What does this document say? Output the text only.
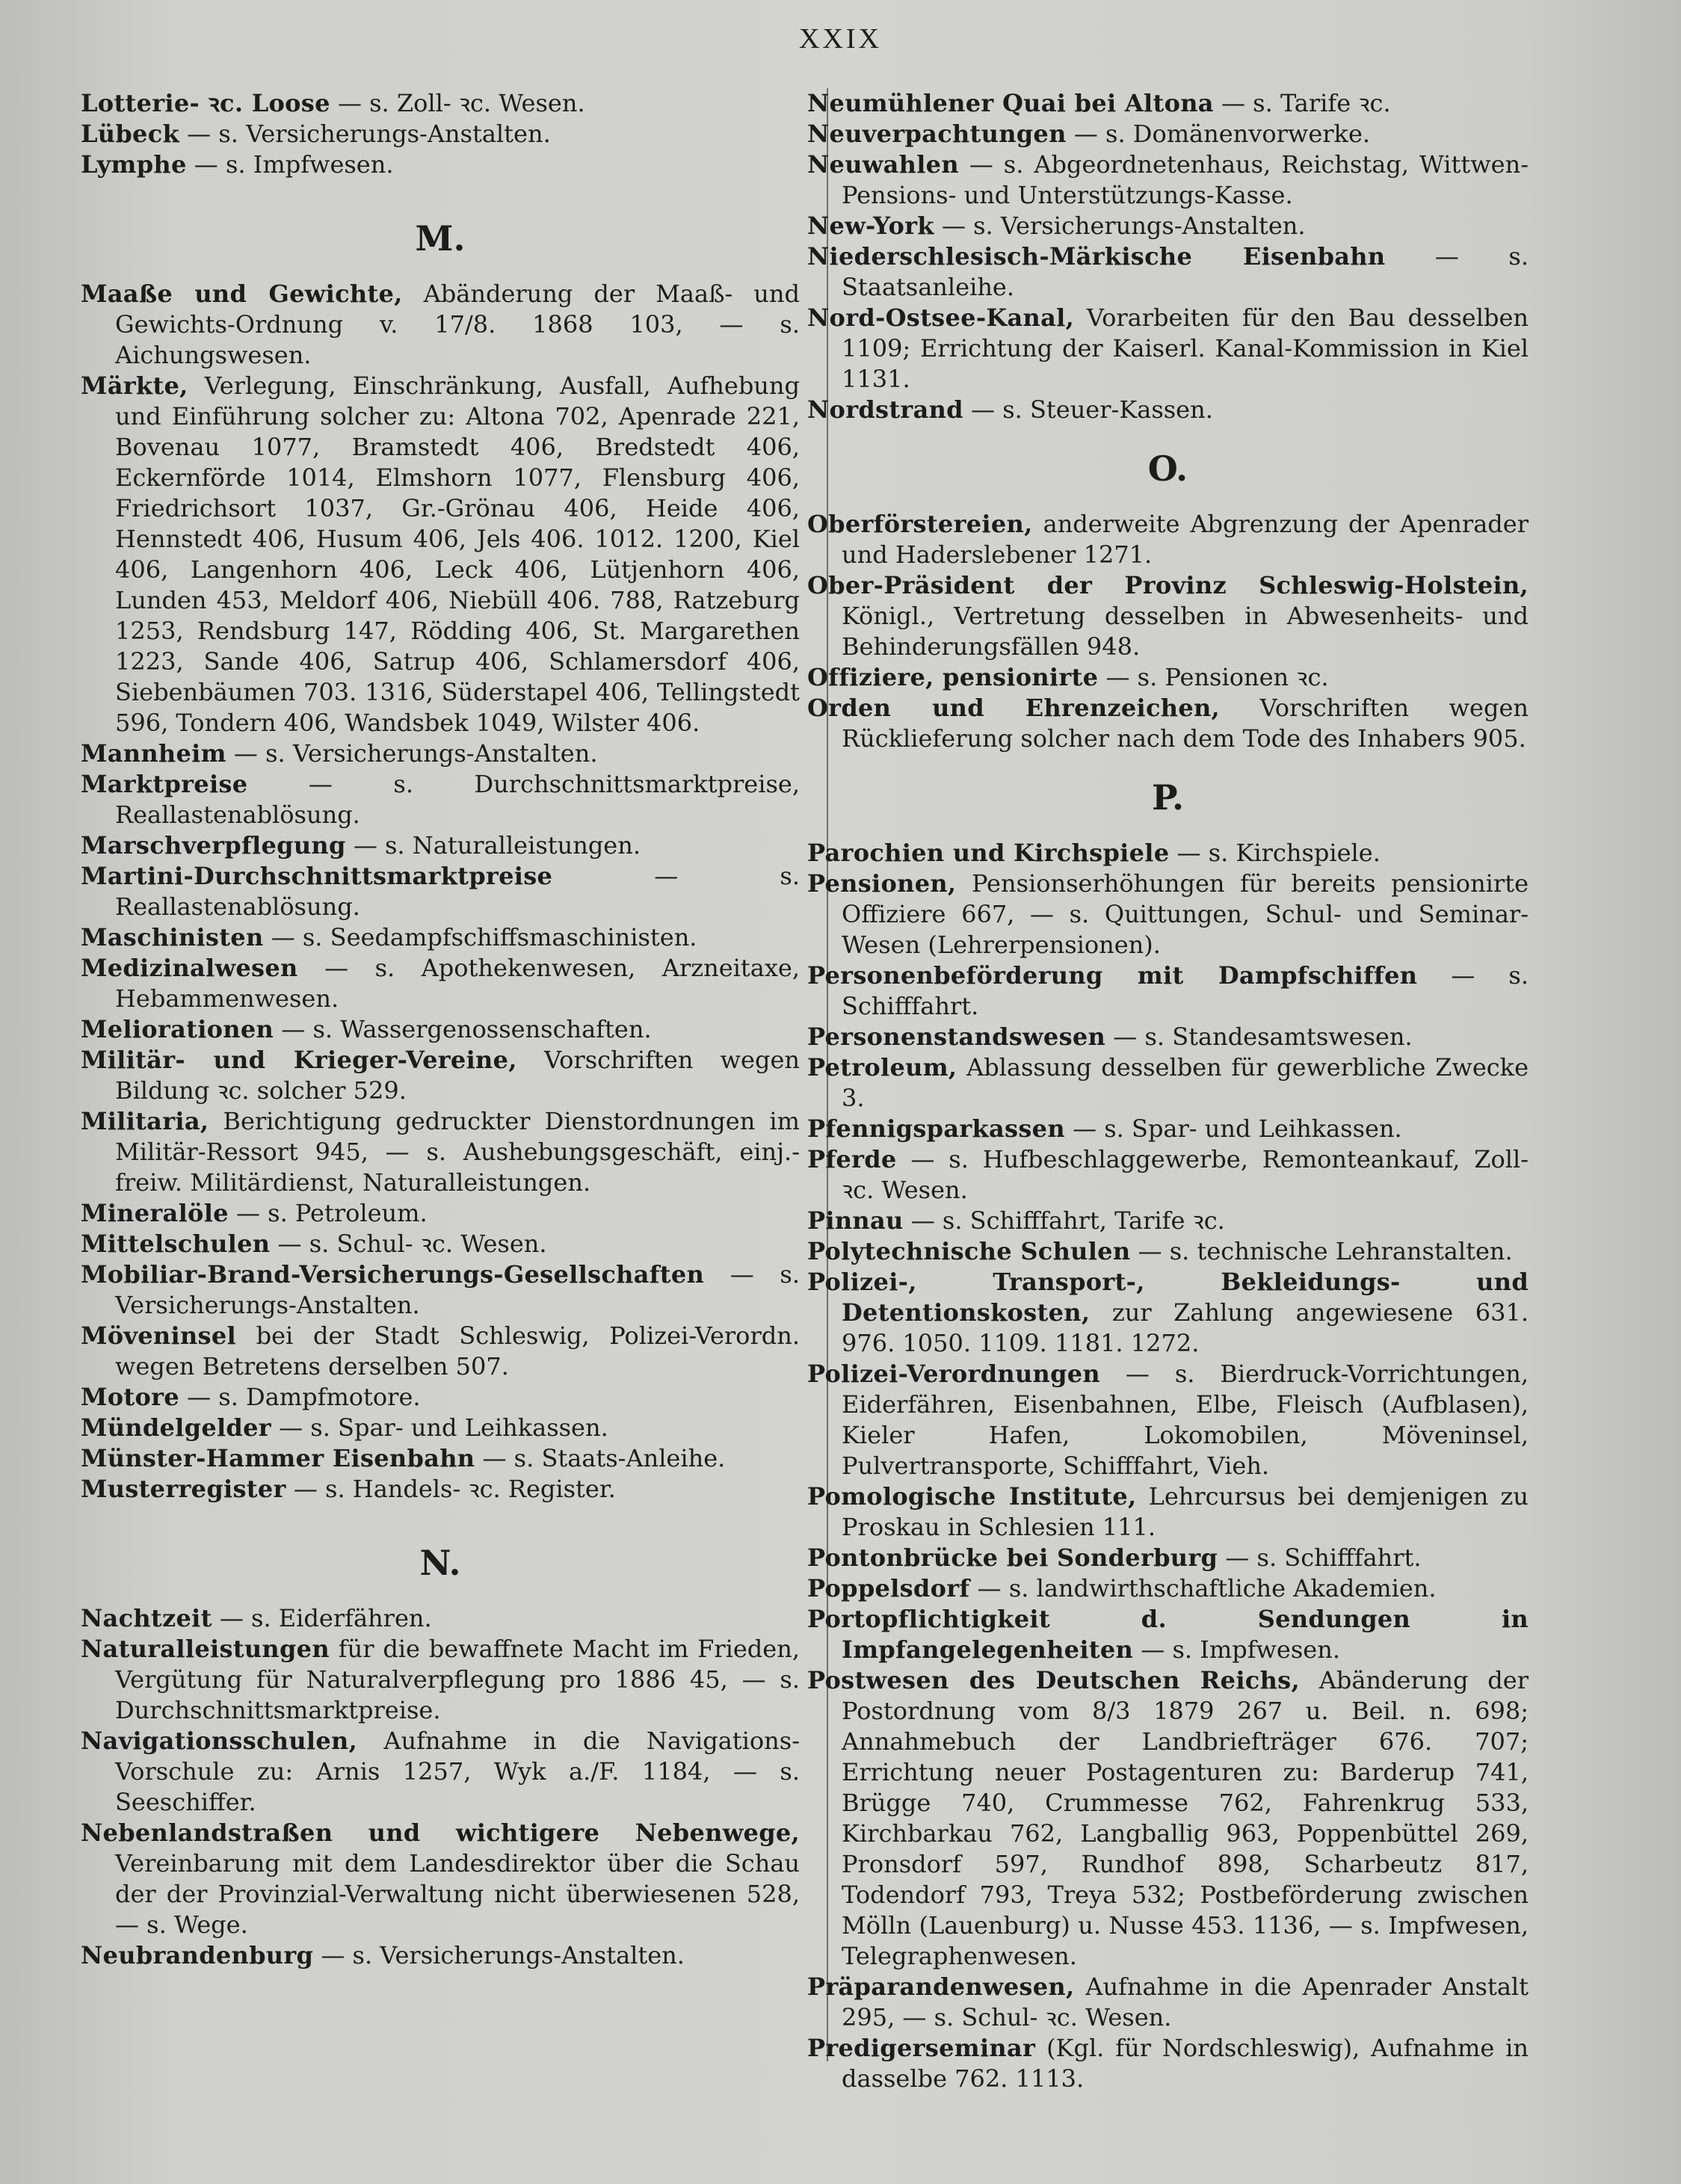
XXIX

Lotterie- ꝛc. Loose — s. Zoll- ꝛc. Wesen.

Lübeck — s. Versicherungs-Anstalten.

Lymphe — s. Impfwesen.

M.

Maaße und Gewichte, Abänderung der Maaß- und Gewichts-Ordnung v. 17/8. 1868 103, — s. Aichungswesen.

Märkte, Verlegung, Einschränkung, Ausfall, Aufhebung und Einführung solcher zu: Altona 702, Apenrade 221, Bovenau 1077, Bramstedt 406, Bredstedt 406, Eckernförde 1014, Elmshorn 1077, Flensburg 406, Friedrichsort 1037, Gr.-Grönau 406, Heide 406, Hennstedt 406, Husum 406, Jels 406. 1012. 1200, Kiel 406, Langenhorn 406, Leck 406, Lütjenhorn 406, Lunden 453, Meldorf 406, Niebüll 406. 788, Ratzeburg 1253, Rendsburg 147, Rödding 406, St. Margarethen 1223, Sande 406, Satrup 406, Schlamersdorf 406, Siebenbäumen 703. 1316, Süderstapel 406, Tellingstedt 596, Tondern 406, Wandsbek 1049, Wilster 406.

Mannheim — s. Versicherungs-Anstalten.

Marktpreise	— s. Durchschnittsmarktpreise, Reallastenablösung.

Marschverpflegung — s. Naturalleistungen.

Martini-Durchschnittsmarktpreise	— s. Reallastenablösung.

Maschinisten — s. Seedampfschiffsmaschinisten.

Medizinalwesen — s. Apothekenwesen, Arzneitaxe, Hebammenwesen.

Meliorationen — s. Wassergenossenschaften.

Militär- und Krieger-Vereine, Vorschriften wegen Bildung ꝛc. solcher 529.

Militaria, Berichtigung gedruckter Dienstordnungen im Militär-Ressort 945, — s. Aushebungsgeschäft, einj.-freiw. Militärdienst, Naturalleistungen.

Mineralöle — s. Petroleum.

Mittelschulen — s. Schul- ꝛc. Wesen.

Mobiliar-Brand-Versicherungs-Gesellschaften — s. Versicherungs-Anstalten.

Möveninsel bei der Stadt Schleswig, Polizei-Verordn. wegen Betretens derselben 507.

Motore — s. Dampfmotore.

Mündelgelder — s. Spar- und Leihkassen.

Münster-Hammer Eisenbahn — s. Staats-Anleihe.

Musterregister — s. Handels- ꝛc. Register.

N.

Nachtzeit — s. Eiderfähren.

Naturalleistungen für die bewaffnete Macht im Frieden, Vergütung für Naturalverpflegung pro 1886 45, — s. Durchschnittsmarktpreise.

Navigationsschulen, Aufnahme in die Navigations-Vorschule zu: Arnis 1257, Wyk a./F. 1184, — s. Seeschiffer.

Nebenlandstraßen und wichtigere Nebenwege, Vereinbarung mit dem Landesdirektor über die Schau der der Provinzial-Verwaltung nicht überwiesenen 528, — s. Wege.

Neubrandenburg — s. Versicherungs-Anstalten.

Neumühlener Quai bei Altona — s. Tarife ꝛc.

Neuverpachtungen — s. Domänenvorwerke.

Neuwahlen — s. Abgeordnetenhaus, Reichstag, Wittwen-Pensions- und Unterstützungs-Kasse.

New-York — s. Versicherungs-Anstalten.

Niederschlesisch-Märkische Eisenbahn — s. Staatsanleihe.

Nord-Ostsee-Kanal, Vorarbeiten für den Bau desselben 1109; Errichtung der Kaiserl. Kanal-Kommission in Kiel 1131.

Nordstrand — s. Steuer-Kassen.

O.

Oberförstereien, anderweite Abgrenzung der Apenrader und Haderslebener 1271.

Ober-Präsident der Provinz Schleswig-Holstein, Königl., Vertretung desselben in Abwesenheits- und Behinderungsfällen 948.

Offiziere, pensionirte — s. Pensionen ꝛc.

Orden und Ehrenzeichen, Vorschriften wegen Rücklieferung solcher nach dem Tode des Inhabers 905.

P.

Parochien und Kirchspiele — s. Kirchspiele.

Pensionen, Pensionserhöhungen für bereits pensionirte Offiziere 667, — s. Quittungen, Schul- und Seminar-Wesen (Lehrerpensionen).

Personenbeförderung mit Dampfschiffen — s. Schifffahrt.

Personenstandswesen — s. Standesamtswesen.

Petroleum, Ablassung desselben für gewerbliche Zwecke 3.

Pfennigsparkassen — s. Spar- und Leihkassen.

Pferde — s. Hufbeschlaggewerbe, Remonteankauf, Zoll- ꝛc. Wesen.

Pinnau — s. Schifffahrt, Tarife ꝛc.

Polytechnische Schulen — s. technische Lehranstalten.

Polizei-, Transport-, Bekleidungs- und Detentionskosten, zur Zahlung angewiesene 631. 976. 1050. 1109. 1181. 1272.

Polizei-Verordnungen — s. Bierdruck-Vorrichtungen, Eiderfähren, Eisenbahnen, Elbe, Fleisch (Aufblasen), Kieler Hafen, Lokomobilen, Möveninsel, Pulvertransporte, Schifffahrt, Vieh.

Pomologische Institute, Lehrcursus bei demjenigen zu Proskau in Schlesien 111.

Pontonbrücke bei Sonderburg — s. Schifffahrt.

Poppelsdorf — s. landwirthschaftliche Akademien.

Portopflichtigkeit d. Sendungen in Impfangelegenheiten — s. Impfwesen.

Postwesen des Deutschen Reichs, Abänderung der Postordnung vom 8/3 1879 267 u. Beil. n. 698; Annahmebuch der Landbriefträger 676. 707; Errichtung neuer Postagenturen zu: Barderup 741, Brügge 740, Crummesse 762, Fahrenkrug 533, Kirchbarkau 762, Langballig 963, Poppenbüttel 269, Pronsdorf 597, Rundhof 898, Scharbeutz 817, Todendorf 793, Treya 532; Postbeförderung zwischen Mölln (Lauenburg) u. Nusse 453. 1136, — s. Impfwesen, Telegraphenwesen.

Präparandenwesen, Aufnahme in die Apenrader Anstalt 295, — s. Schul- ꝛc. Wesen.

Predigerseminar (Kgl. für Nordschleswig), Aufnahme in dasselbe 762. 1113.
